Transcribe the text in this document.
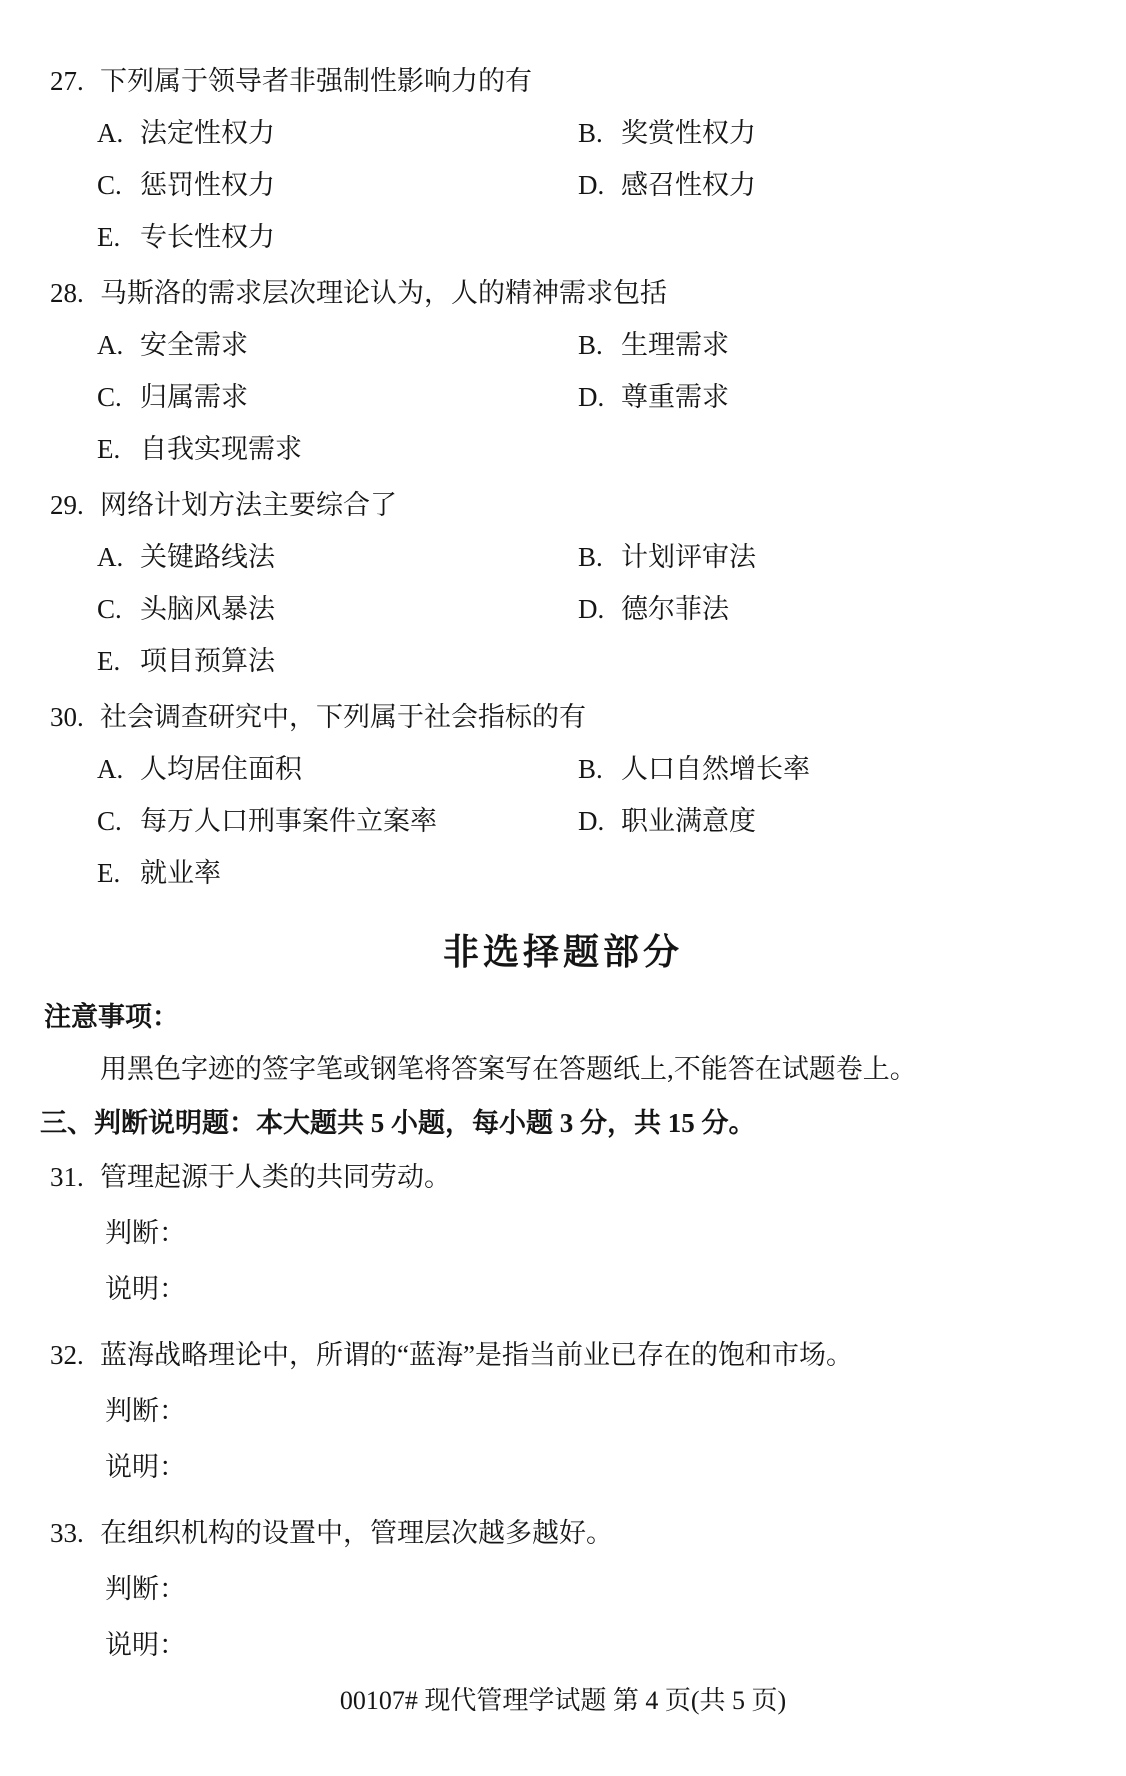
27. 下列属于领导者非强制性影响力的有
A. 法定性权力	B. 奖赏性权力
C. 惩罚性权力	D. 感召性权力
E. 专长性权力
28. 马斯洛的需求层次理论认为，人的精神需求包括
A. 安全需求	B. 生理需求
C. 归属需求	D. 尊重需求
E. 自我实现需求
29. 网络计划方法主要综合了
A. 关键路线法	B. 计划评审法
C. 头脑风暴法	D. 德尔菲法
E. 项目预算法
30. 社会调查研究中，下列属于社会指标的有
A. 人均居住面积	B. 人口自然增长率
C. 每万人口刑事案件立案率	D. 职业满意度
E. 就业率
非选择题部分
注意事项：
用黑色字迹的签字笔或钢笔将答案写在答题纸上,不能答在试题卷上。
三、判断说明题：本大题共 5 小题，每小题 3 分，共 15 分。
31. 管理起源于人类的共同劳动。
判断：
说明：
32. 蓝海战略理论中，所谓的“蓝海”是指当前业已存在的饱和市场。
判断：
说明：
33. 在组织机构的设置中，管理层次越多越好。
判断：
说明：
00107# 现代管理学试题 第 4 页(共 5 页)
